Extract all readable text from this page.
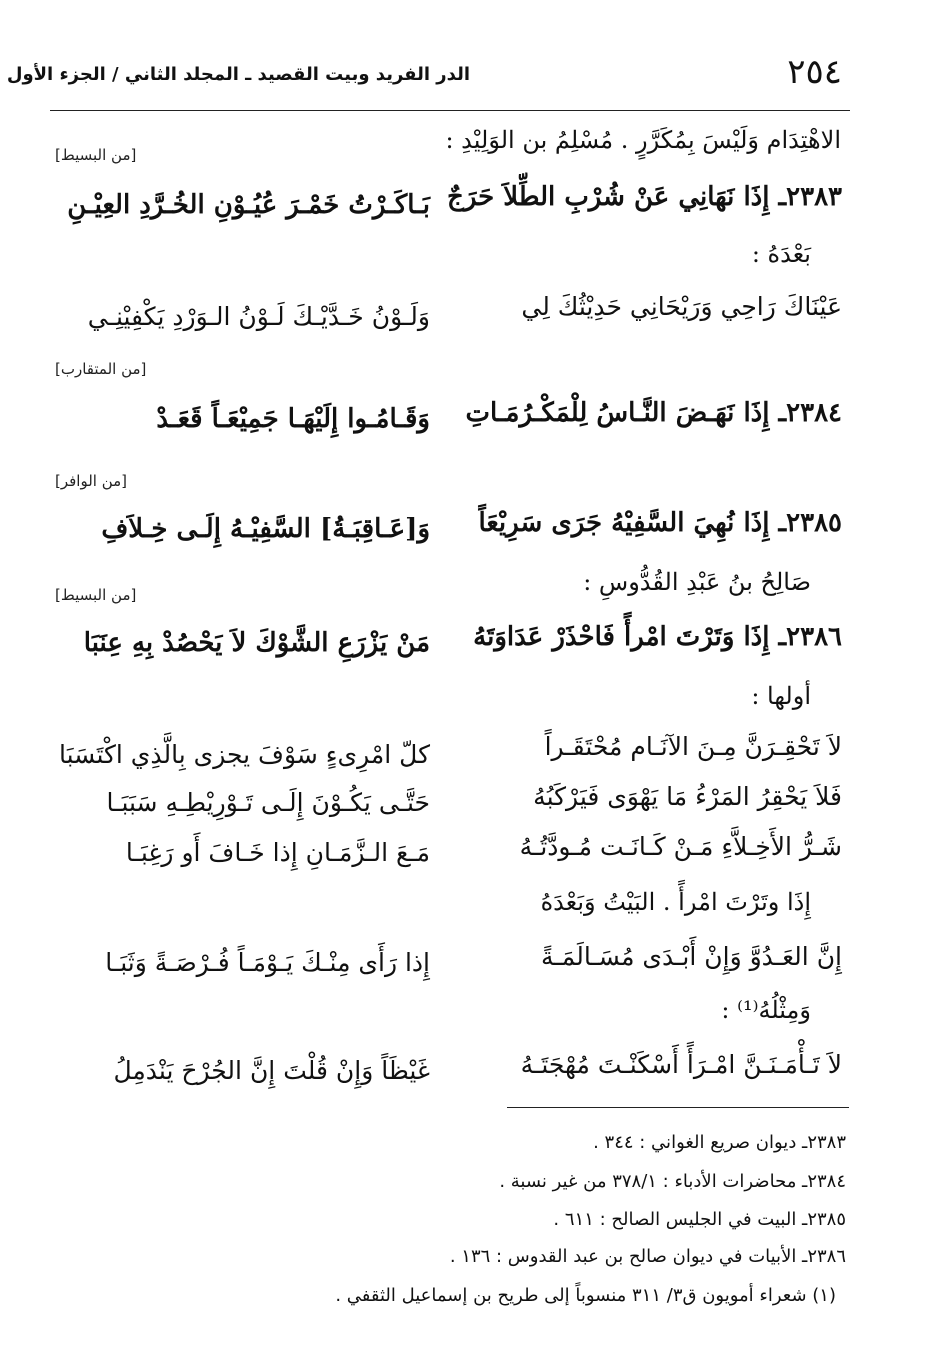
٢٥٤
الدر الفريد وبيت القصيد ـ المجلد الثاني / الجزء الأول
الاهْتِدَام وَلَيْسَ بِمُكَرَّرٍ . مُسْلِمُ بن الوَلِيْدِ :
[من البسيط]
٢٣٨٣ـ إِذَا نَهَانِي عَنْ شُرْبِ الطِّلاَ حَرَجٌ
بَـاكَـرْتُ خَمْـرَ عُيُـوْنِ الخُـرَّدِ العِيْـنِ
بَعْدَهُ :
عَيْنَاكَ رَاحِي وَرَيْحَانِي حَدِيْثُكَ لِي
وَلَـوْنُ خَـدَّيْـكَ لَـوْنُ الـوَرْدِ يَكْفِيْنِـي
[من المتقارب]
٢٣٨٤ـ إِذَا نَهَـضَ النَّـاسُ لِلْمَكْـرُمَـاتِ
وَقَـامُـوا إِلَيْهَـا جَمِيْعَـاً قَعَـدْ
[من الوافر]
٢٣٨٥ـ إِذَا نُهِيَ السَّفِيْهُ جَرَى سَرِيْعَاً
وَ[عَـاقِبَـةُ] السَّفِيْـهُ إِلَـى خِـلاَفِ
صَالِحُ بنُ عَبْدِ القُدُّوسِ :
[من البسيط]
٢٣٨٦ـ إِذَا وَتَرْتَ امْرأً فَاحْذَرْ عَدَاوَتَهُ
مَنْ يَزْرَعِ الشَّوْكَ لاَ يَحْصُدْ بِهِ عِنَبَا
أولها :
لاَ تَحْقِـرَنَّ مِـنَ الآنَـام مُحْتَقَـراً
كلّ امْرِىءٍ سَوْفَ يجزى بِالَّذِي اكْتَسَبَا
فَلاَ يَحْقِرُ المَرْءُ مَا يَهْوَى فَيَرْكَبُهُ
حَتَّـى يَكُـوْنَ إِلَـى تَـوْرِيْطِـهِ سَبَبَـا
شَـرُّ الأَخِـلاَّءِ مَـنْ كَـانَـت مُـودَّتُـهُ
مَـعَ الـزَّمَـانِ إِذا خَـافَ أَو رَغِبَـا
إِذَا وتَرْتَ امْرأً . البَيْتُ وَبَعْدَهُ
إِنَّ العَـدُوَّ وَإِنْ أَبْـدَى مُسَـالَمَـةً
إِذا رَأَى مِنْـكَ يَـوْمَـاً فُـرْصَـةً وَثَبَـا
وَمِثْلُهُ⁽¹⁾ :
لاَ تَـأْمَـنَـنَّ امْـرَأً أَسْكَنْـتَ مُهْجَتَـهُ
غَيْظَاً وَإِنْ قُلْتَ إِنَّ الجُرْحَ يَنْدَمِلُ
٢٣٨٣ـ ديوان صريع الغواني : ٣٤٤ .
٢٣٨٤ـ محاضرات الأدباء : ٣٧٨/١ من غير نسبة .
٢٣٨٥ـ البيت في الجليس الصالح : ٦١١ .
٢٣٨٦ـ الأبيات في ديوان صالح بن عبد القدوس : ١٣٦ .
(١) شعراء أمويون ق٣/ ٣١١ منسوباً إلى طريح بن إسماعيل الثقفي .
